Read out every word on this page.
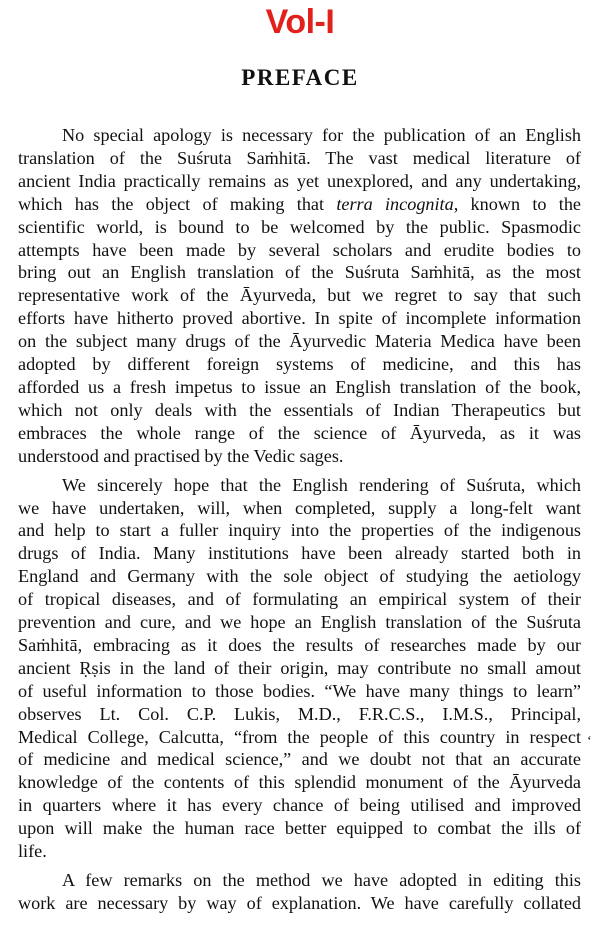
Vol-I
PREFACE

No special apology is necessary for the publication of an English
translation of the Suśruta Saṁhitā. The vast medical literature of
ancient India practically remains as yet unexplored, and any undertaking,
which has the object of making that terra incognita, known to the
scientific world, is bound to be welcomed by the public. Spasmodic
attempts have been made by several scholars and erudite bodies to
bring out an English translation of the Suśruta Saṁhitā, as the most
representative work of the Āyurveda, but we regret to say that such
efforts have hitherto proved abortive. In spite of incomplete information
on the subject many drugs of the Āyurvedic Materia Medica have been
adopted by different foreign systems of medicine, and this has
afforded us a fresh impetus to issue an English translation of the book,
which not only deals with the essentials of Indian Therapeutics but
embraces the whole range of the science of Āyurveda, as it was
understood and practised by the Vedic sages.

We sincerely hope that the English rendering of Suśruta, which
we have undertaken, will, when completed, supply a long-felt want
and help to start a fuller inquiry into the properties of the indigenous
drugs of India. Many institutions have been already started both in
England and Germany with the sole object of studying the aetiology
of tropical diseases, and of formulating an empirical system of their
prevention and cure, and we hope an English translation of the Suśruta
Saṁhitā, embracing as it does the results of researches made by our
ancient Ṛṣis in the land of their origin, may contribute no small amout
of useful information to those bodies. “We have many things to learn”
observes Lt. Col. C.P. Lukis, M.D., F.R.C.S., I.M.S., Principal,
Medical College, Calcutta, “from the people of this country in respect
of medicine and medical science,” and we doubt not that an accurate
knowledge of the contents of this splendid monument of the Āyurveda
in quarters where it has every chance of being utilised and improved
upon will make the human race better equipped to combat the ills of
life.

A few remarks on the method we have adopted in editing this
work are necessary by way of explanation. We have carefully collated

‘
